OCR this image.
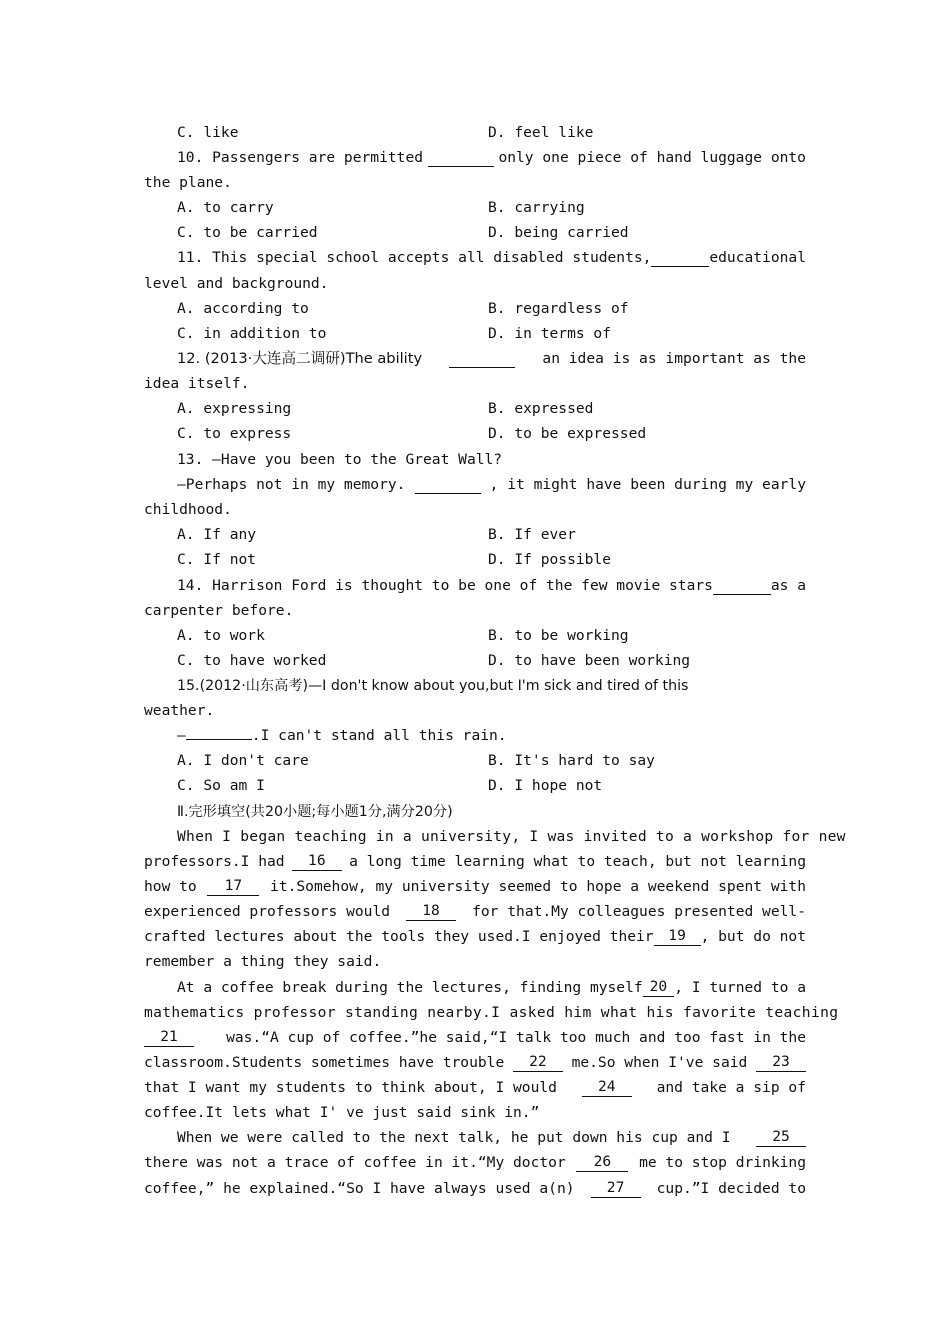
C. like	D. feel like
10. Passengers are permitted	only one piece of hand luggage onto
the plane.
A. to carry	B. carrying
C. to be carried	D. being carried
11. This special school accepts all disabled students,	educational
level and background.
A. according to	B. regardless of
C. in addition to	D. in terms of
12. (2013·大连高二调研)The ability	an idea is as important as the
idea itself.
A. expressing	B. expressed
C. to express	D. to be expressed
13. —Have you been to the Great Wall?
—Perhaps not in my memory.	, it might have been during my early
childhood.
A. If any	B. If ever
C. If not	D. If possible
14. Harrison Ford is thought to be one of the few movie stars	as a
carpenter before.
A. to work	B. to be working
C. to have worked	D. to have been working
15.(2012·山东高考)—I don't know about you,but I'm sick and tired of this
weather.
—	.I can't stand all this rain.
A. I don't care	B. It's hard to say
C. So am I	D. I hope not
Ⅱ.完形填空(共20小题;每小题1分,满分20分)
When I began teaching in a university, I was invited to a workshop for new
professors.I had	16	a long time learning what to teach, but not learning
how to	17	it.Somehow, my university seemed to hope a weekend spent with
experienced professors would	18	for that.My colleagues presented well-
crafted lectures about the tools they used.I enjoyed their	19	, but do not
remember a thing they said.
At a coffee break during the lectures, finding myself 20 , I turned to a
mathematics professor standing nearby.I asked him what his favorite teaching
21	was.“A cup of coffee.”he said,“I talk too much and too fast in the
classroom.Students sometimes have trouble	22	me.So when I've said	23
that I want my students to think about, I would	24	and take a sip of
coffee.It lets what I' ve just said sink in.”
When we were called to the next talk, he put down his cup and I	25
there was not a trace of coffee in it.“My doctor	26	me to stop drinking
coffee,” he explained.“So I have always used a(n)	27	cup.”I decided to
